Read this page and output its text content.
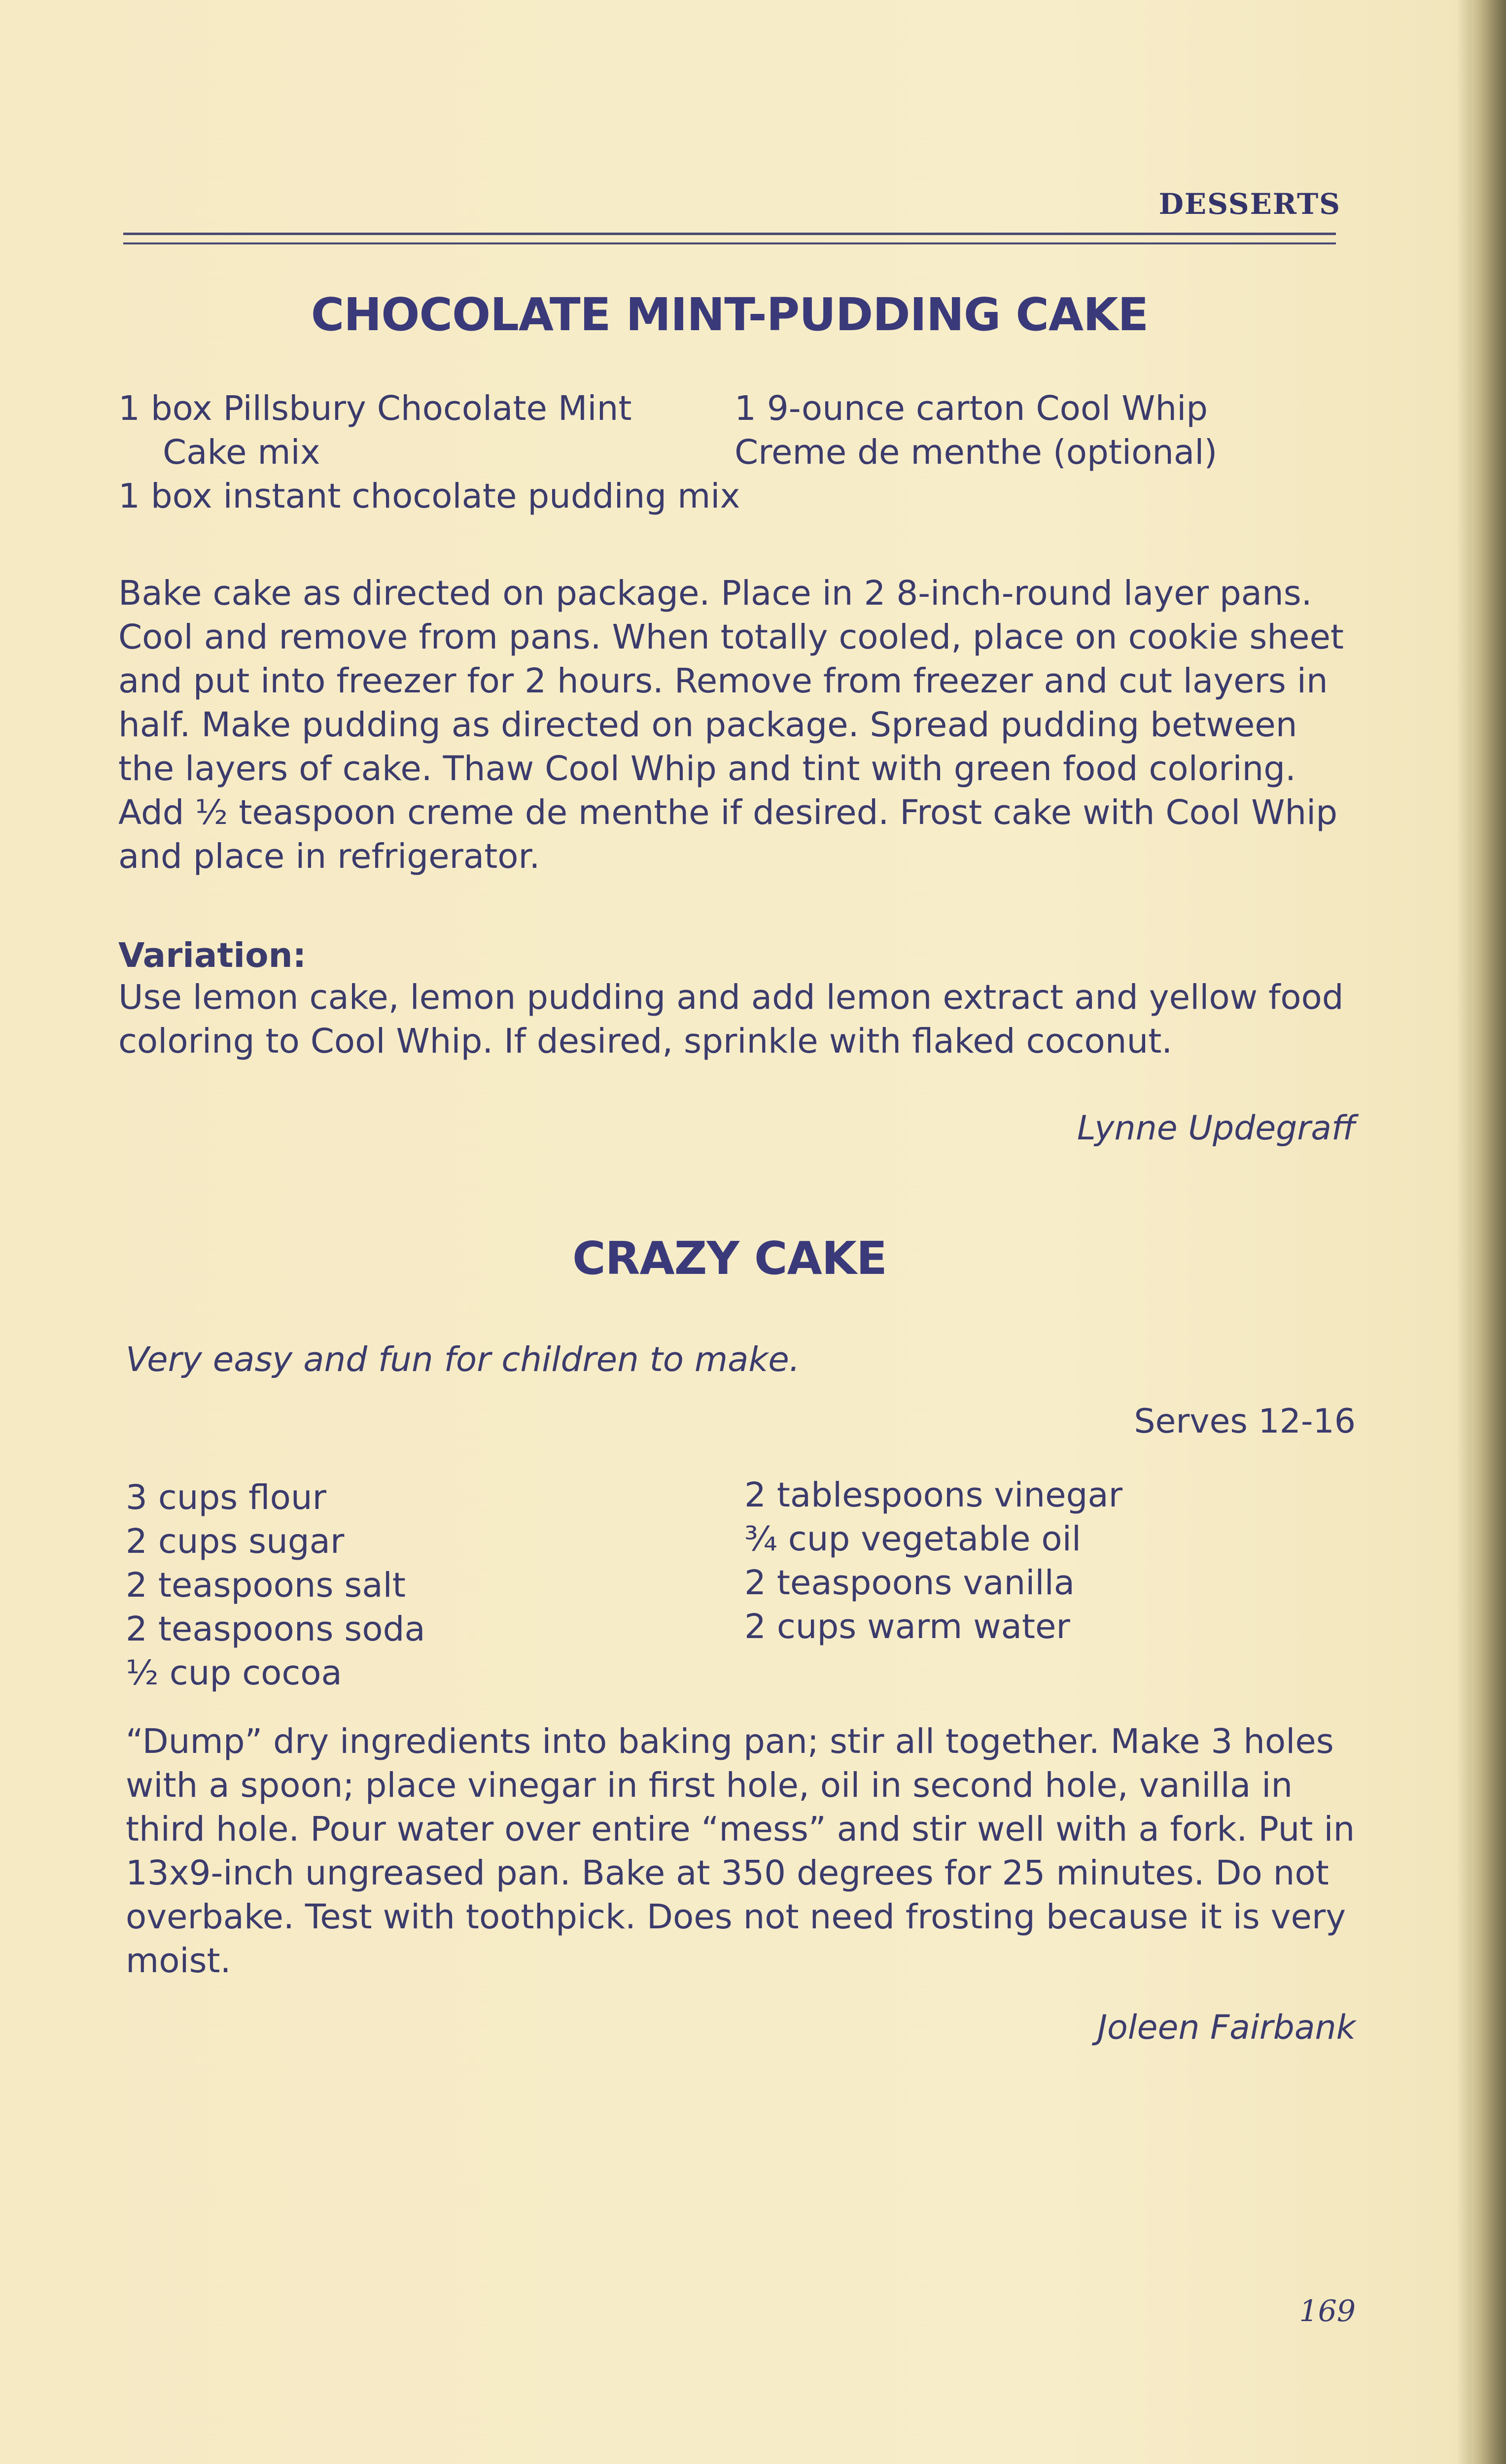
DESSERTS
CHOCOLATE MINT-PUDDING CAKE
1 box Pillsbury Chocolate Mint
Cake mix
1 box instant chocolate pudding mix
1 9-ounce carton Cool Whip
Creme de menthe (optional)
Bake cake as directed on package. Place in 2 8-inch-round layer pans. Cool and remove from pans. When totally cooled, place on cookie sheet and put into freezer for 2 hours. Remove from freezer and cut layers in half. Make pudding as directed on package. Spread pudding between the layers of cake. Thaw Cool Whip and tint with green food coloring. Add ½ teaspoon creme de menthe if desired. Frost cake with Cool Whip and place in refrigerator.
Variation:
Use lemon cake, lemon pudding and add lemon extract and yellow food coloring to Cool Whip. If desired, sprinkle with flaked coconut.
Lynne Updegraff
CRAZY CAKE
Very easy and fun for children to make.
Serves 12-16
3 cups flour
2 cups sugar
2 teaspoons salt
2 teaspoons soda
½ cup cocoa
2 tablespoons vinegar
¾ cup vegetable oil
2 teaspoons vanilla
2 cups warm water
“Dump” dry ingredients into baking pan; stir all together. Make 3 holes with a spoon; place vinegar in first hole, oil in second hole, vanilla in third hole. Pour water over entire “mess” and stir well with a fork. Put in 13x9-inch ungreased pan. Bake at 350 degrees for 25 minutes. Do not overbake. Test with toothpick. Does not need frosting because it is very moist.
Joleen Fairbank
169
